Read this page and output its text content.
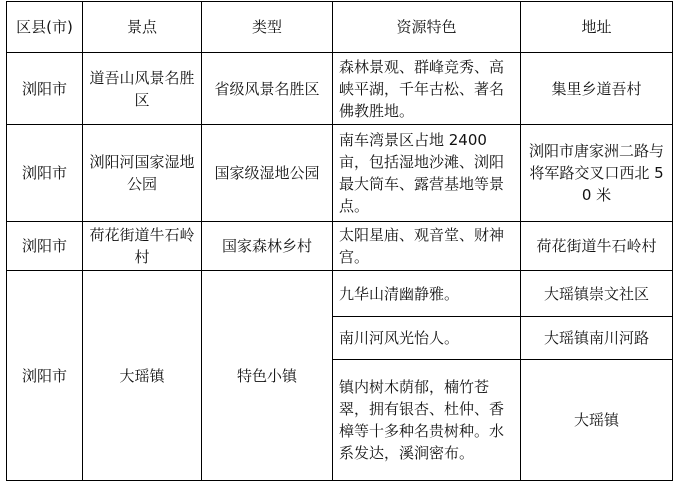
区县(市)	景点	类型	资源特色	地址
浏阳市	道吾山风景名胜区	省级风景名胜区	森林景观、群峰竞秀、高峡平湖，千年古松、著名佛教胜地。	集里乡道吾村
浏阳市	浏阳河国家湿地公园	国家级湿地公园	南车湾景区占地 2400 亩，包括湿地沙滩、浏阳最大筒车、露营基地等景点。	浏阳市唐家洲二路与将军路交叉口西北 50 米
浏阳市	荷花街道牛石岭村	国家森林乡村	太阳星庙、观音堂、财神宫。	荷花街道牛石岭村
浏阳市	大瑶镇	特色小镇	九华山清幽静雅。	大瑶镇崇文社区
			南川河风光怡人。	大瑶镇南川河路
			镇内树木荫郁，楠竹苍翠，拥有银杏、杜仲、香樟等十多种名贵树种。水系发达，溪涧密布。	大瑶镇
